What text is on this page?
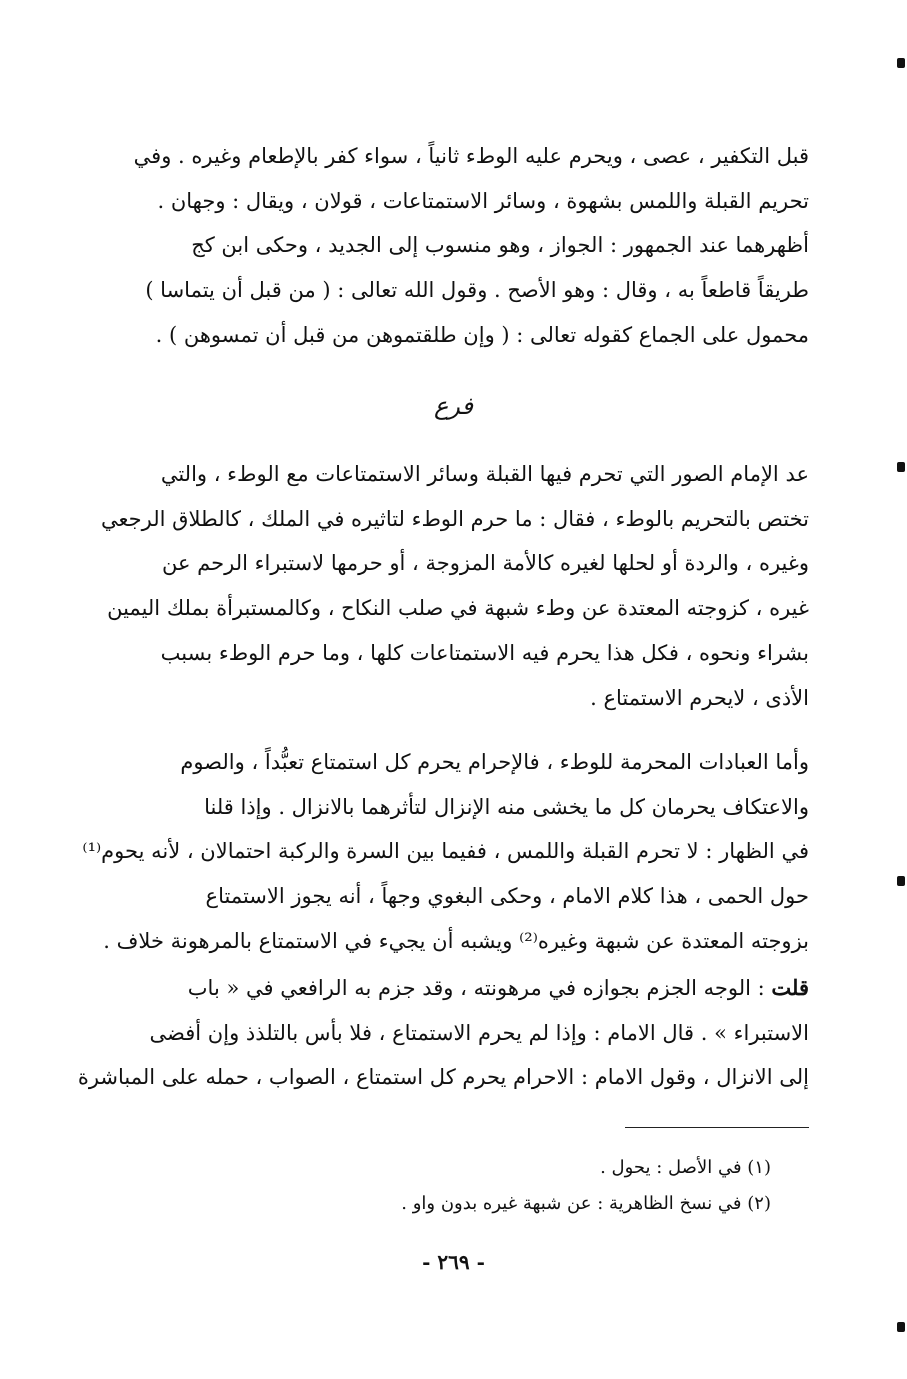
قبل التكفير ، عصى ، ويحرم عليه الوطء ثانياً ، سواء كفر بالإطعام وغيره . وفي
تحريم القبلة واللمس بشهوة ، وسائر الاستمتاعات ، قولان ، ويقال : وجهان .
أظهرهما عند الجمهور : الجواز ، وهو منسوب إلى الجديد ، وحكى ابن كج
طريقاً قاطعاً به ، وقال : وهو الأصح . وقول الله تعالى : ( من قبل أن يتماسا )
محمول على الجماع كقوله تعالى : ( وإن طلقتموهن من قبل أن تمسوهن ) .
فرع
عد الإمام الصور التي تحرم فيها القبلة وسائر الاستمتاعات مع الوطء ، والتي
تختص بالتحريم بالوطء ، فقال : ما حرم الوطء لتاثيره في الملك ، كالطلاق الرجعي
وغيره ، والردة أو لحلها لغيره كالأمة المزوجة ، أو حرمها لاستبراء الرحم عن
غيره ، كزوجته المعتدة عن وطء شبهة في صلب النكاح ، وكالمستبرأة بملك اليمين
بشراء ونحوه ، فكل هذا يحرم فيه الاستمتاعات كلها ، وما حرم الوطء بسبب
الأذى ، لايحرم الاستمتاع .
وأما العبادات المحرمة للوطء ، فالإحرام يحرم كل استمتاع تعبُّداً ، والصوم
والاعتكاف يحرمان كل ما يخشى منه الإنزال لتأثرهما بالانزال . وإذا قلنا
في الظهار : لا تحرم القبلة واللمس ، ففيما بين السرة والركبة احتمالان ، لأنه يحوم⁽¹⁾
حول الحمى ، هذا كلام الامام ، وحكى البغوي وجهاً ، أنه يجوز الاستمتاع
بزوجته المعتدة عن شبهة وغيره⁽²⁾ ويشبه أن يجيء في الاستمتاع بالمرهونة خلاف .
قلت : الوجه الجزم بجوازه في مرهونته ، وقد جزم به الرافعي في « باب
الاستبراء » . قال الامام : وإذا لم يحرم الاستمتاع ، فلا بأس بالتلذذ وإن أفضى
إلى الانزال ، وقول الامام : الاحرام يحرم كل استمتاع ، الصواب ، حمله على المباشرة
(١) في الأصل : يحول .
(٢) في نسخ الظاهرية : عن شبهة غيره بدون واو .
- ٢٦٩ -
